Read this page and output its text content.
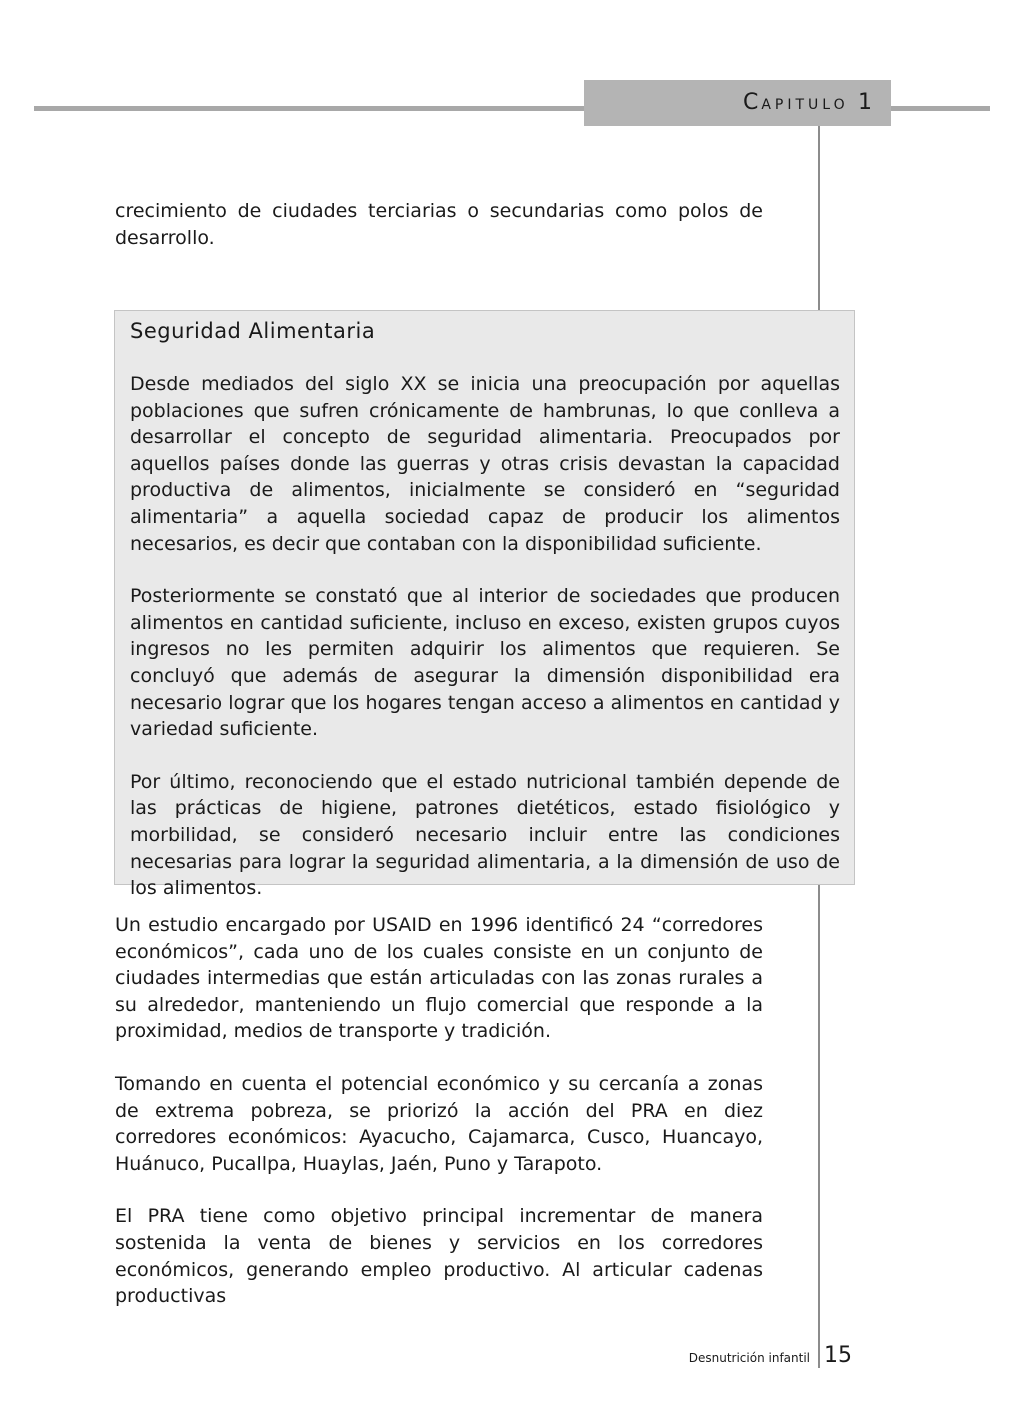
CAPITULO 1

crecimiento de ciudades terciarias o secundarias como polos de desarrollo.

Seguridad Alimentaria

Desde mediados del siglo XX se inicia una preocupación por aquellas poblaciones que sufren crónicamente de hambrunas, lo que conlleva a desarrollar el concepto de seguridad alimentaria. Preocupados por aquellos países donde las guerras y otras crisis devastan la capacidad productiva de alimentos, inicialmente se consideró en “seguridad alimentaria” a aquella sociedad capaz de producir los alimentos necesarios, es decir que contaban con la disponibilidad suficiente.

Posteriormente se constató que al interior de sociedades que producen alimentos en cantidad suficiente, incluso en exceso, existen grupos cuyos ingresos no les permiten adquirir los alimentos que requieren. Se concluyó que además de asegurar la dimensión disponibilidad era necesario lograr que los hogares tengan acceso a alimentos en cantidad y variedad suficiente.

Por último, reconociendo que el estado nutricional también depende de las prácticas de higiene, patrones dietéticos, estado fisiológico y morbilidad, se consideró necesario incluir entre las condiciones necesarias para lograr la seguridad alimentaria, a la dimensión de uso de los alimentos.

Un estudio encargado por USAID en 1996 identificó 24 “corredores económicos”, cada uno de los cuales consiste en un conjunto de ciudades intermedias que están articuladas con las zonas rurales a su alrededor, manteniendo un flujo comercial que responde a la proximidad, medios de transporte y tradición.

Tomando en cuenta el potencial económico y su cercanía a zonas de extrema pobreza, se priorizó la acción del PRA en diez corredores económicos: Ayacucho, Cajamarca, Cusco, Huancayo, Huánuco, Pucallpa, Huaylas, Jaén, Puno y Tarapoto.

El PRA tiene como objetivo principal incrementar de manera sostenida la venta de bienes y servicios en los corredores económicos, generando empleo productivo. Al articular cadenas productivas

Desnutrición infantil 15
